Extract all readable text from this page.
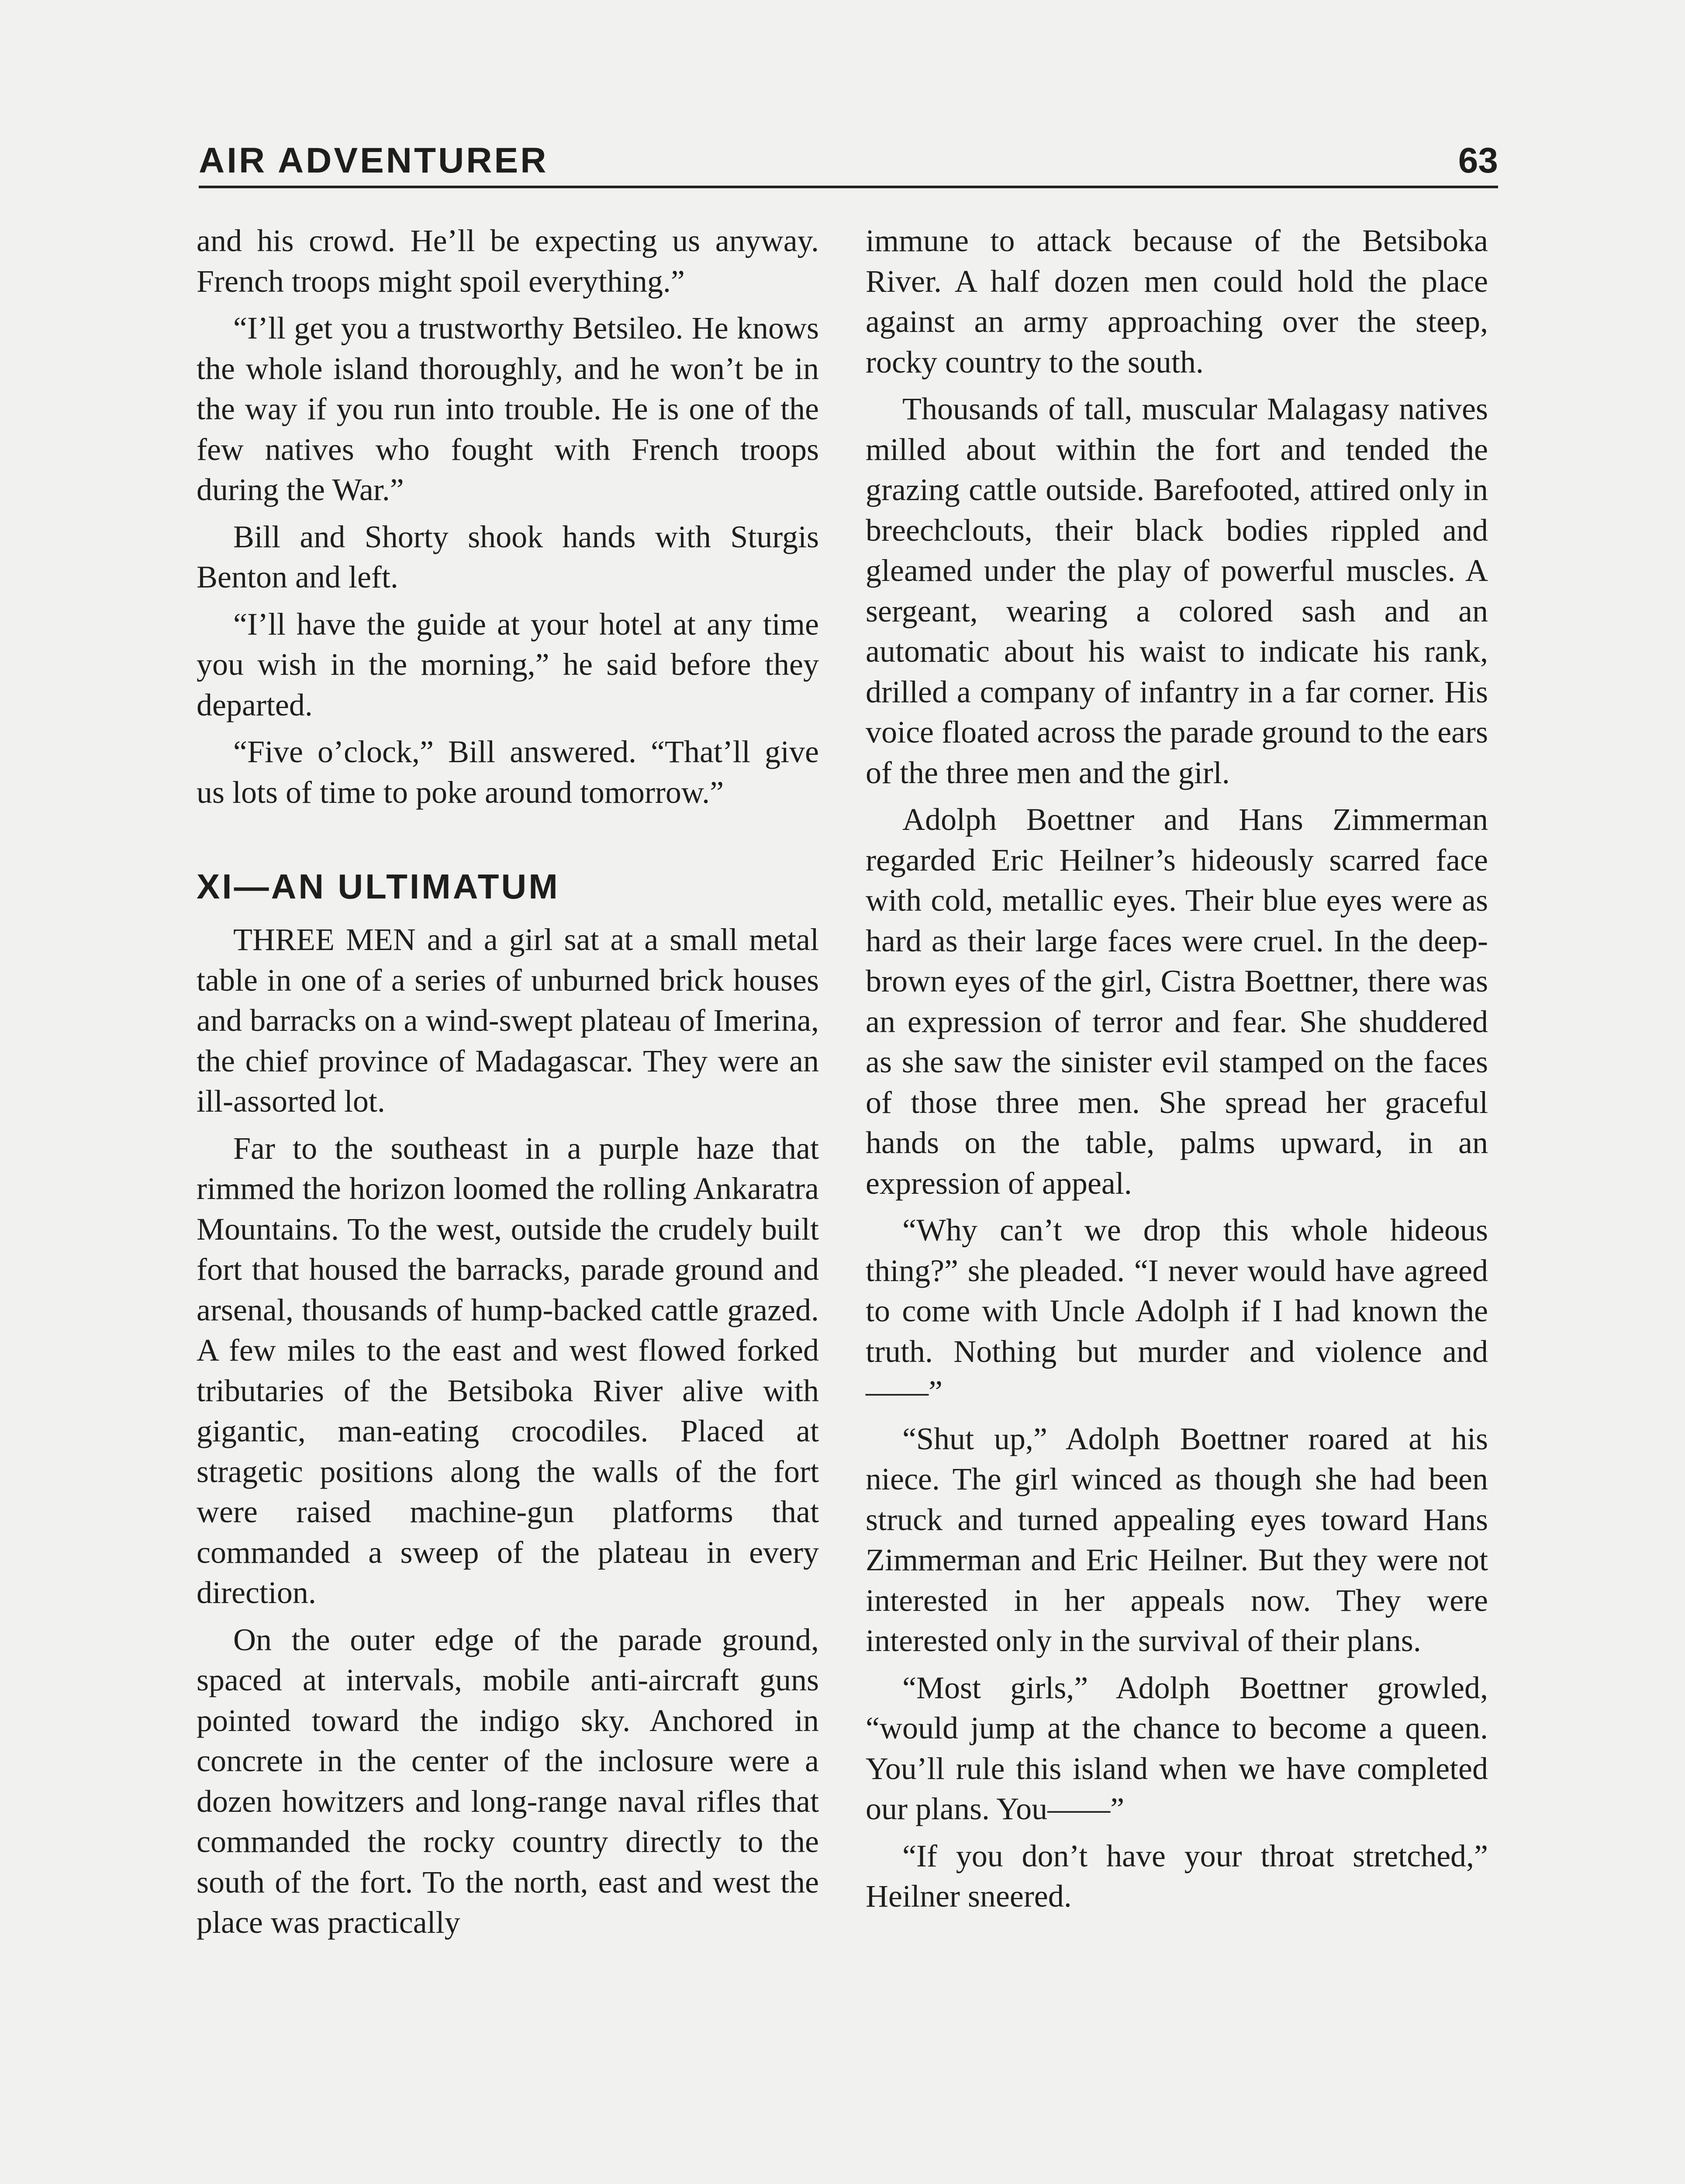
AIR ADVENTURER	63

and his crowd. He’ll be expecting us anyway. French troops might spoil everything.”

“I’ll get you a trustworthy Betsileo. He knows the whole island thoroughly, and he won’t be in the way if you run into trouble. He is one of the few natives who fought with French troops during the War.”

Bill and Shorty shook hands with Sturgis Benton and left.

“I’ll have the guide at your hotel at any time you wish in the morning,” he said before they departed.

“Five o’clock,” Bill answered. “That’ll give us lots of time to poke around tomorrow.”

XI—AN ULTIMATUM

THREE MEN and a girl sat at a small metal table in one of a series of unburned brick houses and barracks on a wind-swept plateau of Imerina, the chief province of Madagascar. They were an ill-assorted lot.

Far to the southeast in a purple haze that rimmed the horizon loomed the rolling Ankaratra Mountains. To the west, outside the crudely built fort that housed the barracks, parade ground and arsenal, thousands of hump-backed cattle grazed. A few miles to the east and west flowed forked tributaries of the Betsiboka River alive with gigantic, man-eating crocodiles. Placed at stragetic positions along the walls of the fort were raised machine-gun platforms that commanded a sweep of the plateau in every direction.

On the outer edge of the parade ground, spaced at intervals, mobile anti-aircraft guns pointed toward the indigo sky. Anchored in concrete in the center of the inclosure were a dozen howitzers and long-range naval rifles that commanded the rocky country directly to the south of the fort. To the north, east and west the place was practically

immune to attack because of the Betsiboka River. A half dozen men could hold the place against an army approaching over the steep, rocky country to the south.

Thousands of tall, muscular Malagasy natives milled about within the fort and tended the grazing cattle outside. Barefooted, attired only in breechclouts, their black bodies rippled and gleamed under the play of powerful muscles. A sergeant, wearing a colored sash and an automatic about his waist to indicate his rank, drilled a company of infantry in a far corner. His voice floated across the parade ground to the ears of the three men and the girl.

Adolph Boettner and Hans Zimmerman regarded Eric Heilner’s hideously scarred face with cold, metallic eyes. Their blue eyes were as hard as their large faces were cruel. In the deep-brown eyes of the girl, Cistra Boettner, there was an expression of terror and fear. She shuddered as she saw the sinister evil stamped on the faces of those three men. She spread her graceful hands on the table, palms upward, in an expression of appeal.

“Why can’t we drop this whole hideous thing?” she pleaded. “I never would have agreed to come with Uncle Adolph if I had known the truth. Nothing but murder and violence and——”

“Shut up,” Adolph Boettner roared at his niece. The girl winced as though she had been struck and turned appealing eyes toward Hans Zimmerman and Eric Heilner. But they were not interested in her appeals now. They were interested only in the survival of their plans.

“Most girls,” Adolph Boettner growled, “would jump at the chance to become a queen. You’ll rule this island when we have completed our plans. You——”

“If you don’t have your throat stretched,” Heilner sneered.
